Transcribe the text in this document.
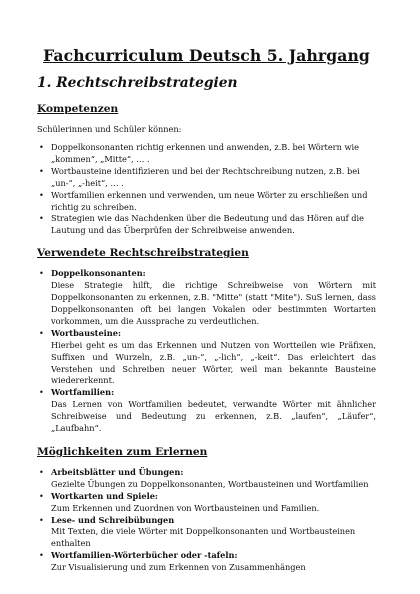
Fachcurriculum Deutsch 5. Jahrgang
1. Rechtschreibstrategien
Kompetenzen
Schülerinnen und Schüler können:
• Doppelkonsonanten richtig erkennen und anwenden, z.B. bei Wörtern wie „kommen“, „Mitte“, … .
• Wortbausteine identifizieren und bei der Rechtschreibung nutzen, z.B. bei „un-“, „-heit“, … .
• Wortfamilien erkennen und verwenden, um neue Wörter zu erschließen und richtig zu schreiben.
• Strategien wie das Nachdenken über die Bedeutung und das Hören auf die Lautung und das Überprüfen der Schreibweise anwenden.
Verwendete Rechtschreibstrategien
• Doppelkonsonanten:
Diese Strategie hilft, die richtige Schreibweise von Wörtern mit Doppelkonsonanten zu erkennen, z.B. "Mitte" (statt "Mite"). SuS lernen, dass Doppelkonsonanten oft bei langen Vokalen oder bestimmten Wortarten vorkommen, um die Aussprache zu verdeutlichen.
• Wortbausteine:
Hierbei geht es um das Erkennen und Nutzen von Wortteilen wie Präfixen, Suffixen und Wurzeln, z.B. „un-“, „-lich“, „-keit“. Das erleichtert das Verstehen und Schreiben neuer Wörter, weil man bekannte Bausteine wiedererkennt.
• Wortfamilien:
Das Lernen von Wortfamilien bedeutet, verwandte Wörter mit ähnlicher Schreibweise und Bedeutung zu erkennen, z.B. „laufen“, „Läufer“, „Laufbahn“.
Möglichkeiten zum Erlernen
• Arbeitsblätter und Übungen:
Gezielte Übungen zu Doppelkonsonanten, Wortbausteinen und Wortfamilien
• Wortkarten und Spiele:
Zum Erkennen und Zuordnen von Wortbausteinen und Familien.
• Lese- und Schreibübungen
Mit Texten, die viele Wörter mit Doppelkonsonanten und Wortbausteinen enthalten
• Wortfamilien-Wörterbücher oder -tafeln:
Zur Visualisierung und zum Erkennen von Zusammenhängen
